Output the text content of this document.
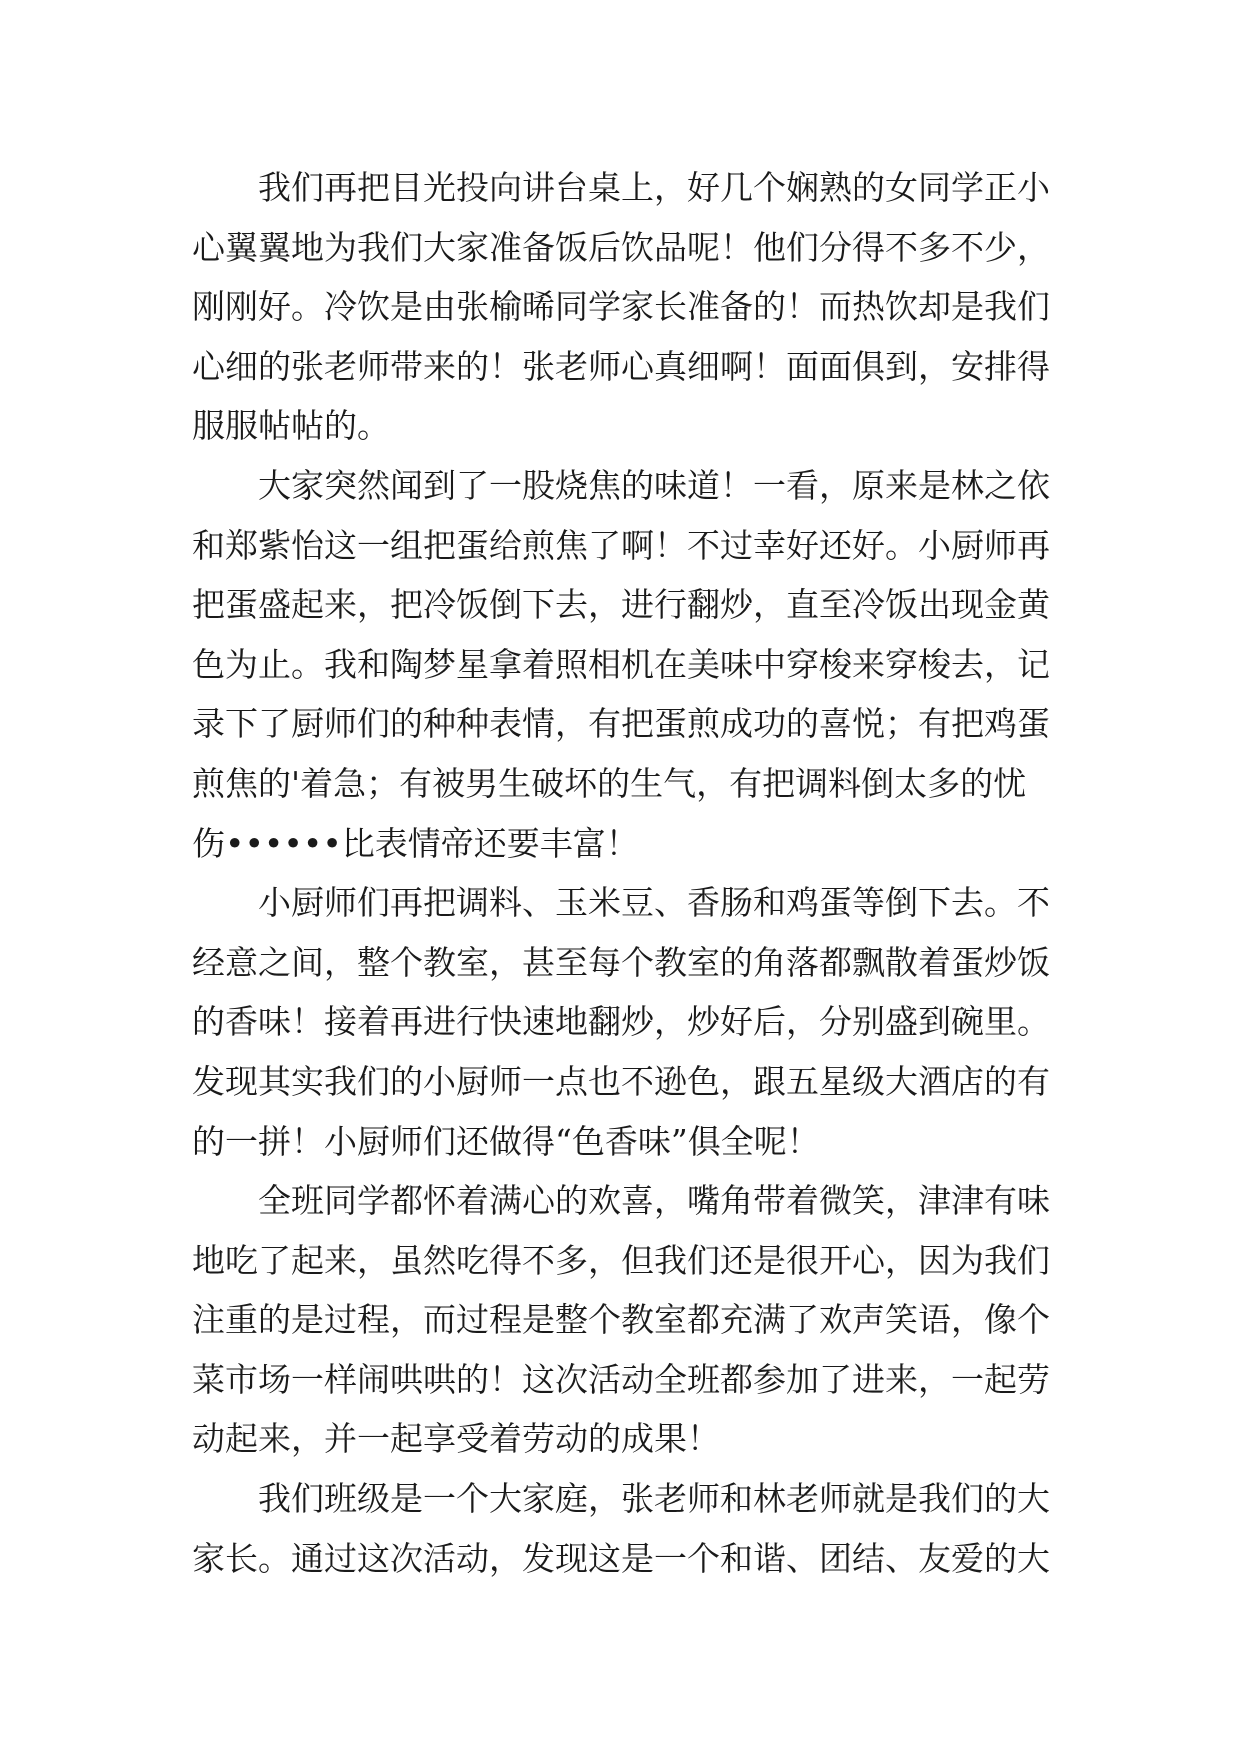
我们再把目光投向讲台桌上，好几个娴熟的女同学正小
心翼翼地为我们大家准备饭后饮品呢！他们分得不多不少，
刚刚好。冷饮是由张榆晞同学家长准备的！而热饮却是我们
心细的张老师带来的！张老师心真细啊！面面俱到，安排得
服服帖帖的。
大家突然闻到了一股烧焦的味道！一看，原来是林之依
和郑紫怡这一组把蛋给煎焦了啊！不过幸好还好。小厨师再
把蛋盛起来，把冷饭倒下去，进行翻炒，直至冷饭出现金黄
色为止。我和陶梦星拿着照相机在美味中穿梭来穿梭去，记
录下了厨师们的种种表情，有把蛋煎成功的喜悦；有把鸡蛋
煎焦的'着急；有被男生破坏的生气，有把调料倒太多的忧
伤••••••比表情帝还要丰富！
小厨师们再把调料、玉米豆、香肠和鸡蛋等倒下去。不
经意之间，整个教室，甚至每个教室的角落都飘散着蛋炒饭
的香味！接着再进行快速地翻炒，炒好后，分别盛到碗里。
发现其实我们的小厨师一点也不逊色，跟五星级大酒店的有
的一拼！小厨师们还做得“色香味”俱全呢！
全班同学都怀着满心的欢喜，嘴角带着微笑，津津有味
地吃了起来，虽然吃得不多，但我们还是很开心，因为我们
注重的是过程，而过程是整个教室都充满了欢声笑语，像个
菜市场一样闹哄哄的！这次活动全班都参加了进来，一起劳
动起来，并一起享受着劳动的成果！
我们班级是一个大家庭，张老师和林老师就是我们的大
家长。通过这次活动，发现这是一个和谐、团结、友爱的大
